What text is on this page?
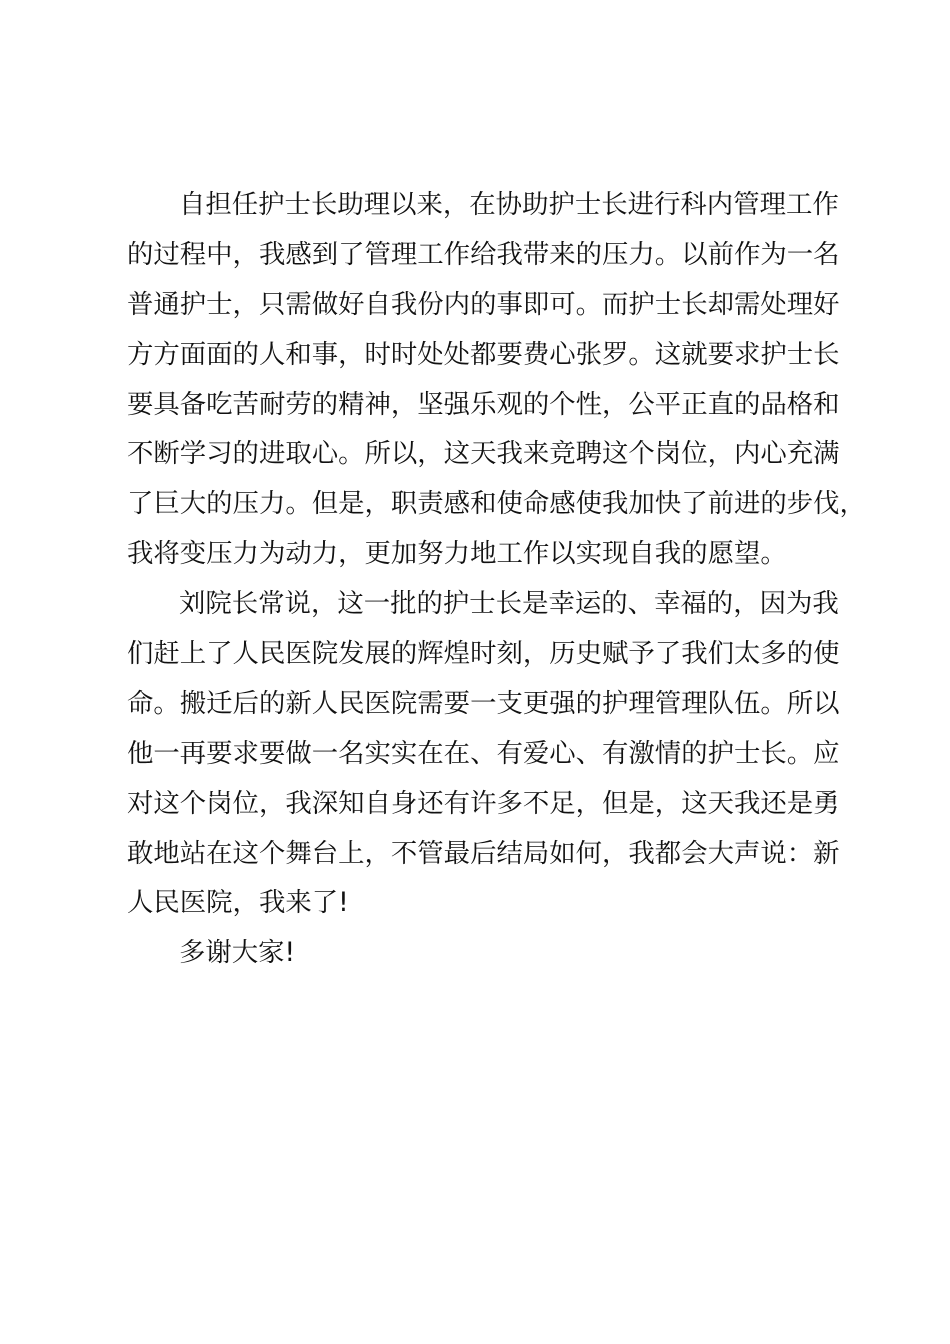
自担任护士长助理以来，在协助护士长进行科内管理工作
的过程中，我感到了管理工作给我带来的压力。以前作为一名
普通护士，只需做好自我份内的事即可。而护士长却需处理好
方方面面的人和事，时时处处都要费心张罗。这就要求护士长
要具备吃苦耐劳的精神，坚强乐观的个性，公平正直的品格和
不断学习的进取心。所以，这天我来竞聘这个岗位，内心充满
了巨大的压力。但是，职责感和使命感使我加快了前进的步伐，
我将变压力为动力，更加努力地工作以实现自我的愿望。
刘院长常说，这一批的护士长是幸运的、幸福的，因为我
们赶上了人民医院发展的辉煌时刻，历史赋予了我们太多的使
命。搬迁后的新人民医院需要一支更强的护理管理队伍。所以
他一再要求要做一名实实在在、有爱心、有激情的护士长。应
对这个岗位，我深知自身还有许多不足，但是，这天我还是勇
敢地站在这个舞台上，不管最后结局如何，我都会大声说：新
人民医院，我来了!
多谢大家!
